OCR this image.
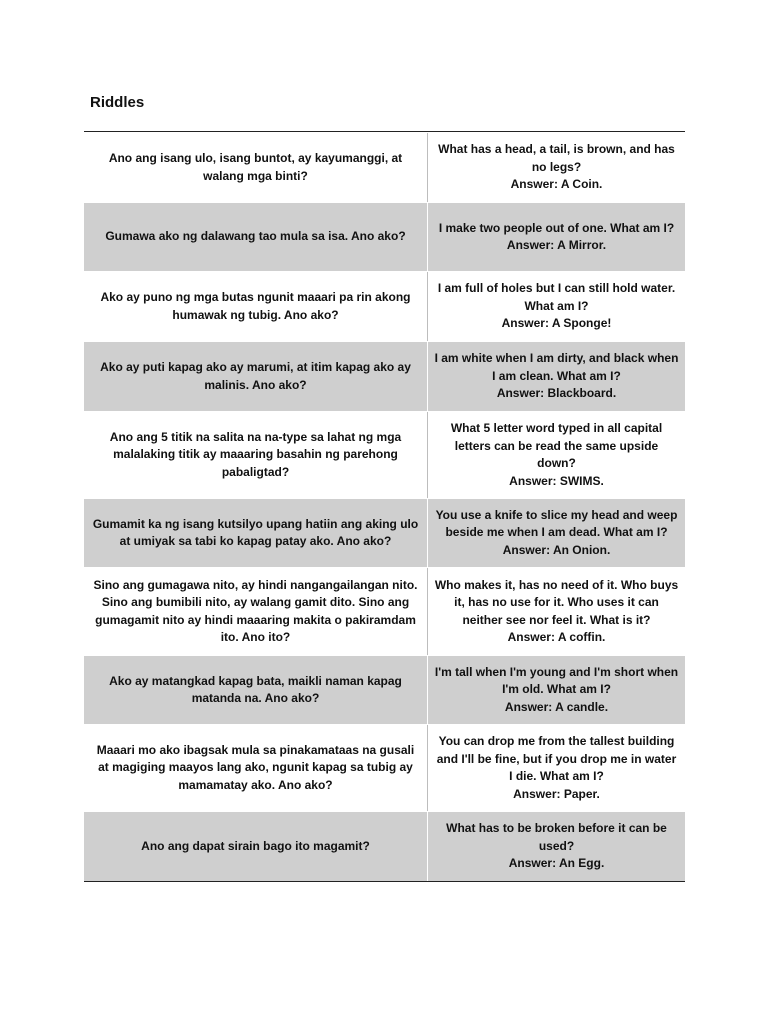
Riddles
Ano ang isang ulo, isang buntot, ay kayumanggi, at walang mga binti?
What has a head, a tail, is brown, and has no legs?
Answer: A Coin.
Gumawa ako ng dalawang tao mula sa isa. Ano ako?
I make two people out of one. What am I?
Answer: A Mirror.
Ako ay puno ng mga butas ngunit maaari pa rin akong humawak ng tubig. Ano ako?
I am full of holes but I can still hold water. What am I?
Answer: A Sponge!
Ako ay puti kapag ako ay marumi, at itim kapag ako ay malinis. Ano ako?
I am white when I am dirty, and black when I am clean. What am I?
Answer: Blackboard.
Ano ang 5 titik na salita na na-type sa lahat ng mga malalaking titik ay maaaring basahin ng parehong pabaligtad?
What 5 letter word typed in all capital letters can be read the same upside down?
Answer: SWIMS.
Gumamit ka ng isang kutsilyo upang hatiin ang aking ulo at umiyak sa tabi ko kapag patay ako. Ano ako?
You use a knife to slice my head and weep beside me when I am dead. What am I?
Answer: An Onion.
Sino ang gumagawa nito, ay hindi nangangailangan nito. Sino ang bumibili nito, ay walang gamit dito. Sino ang gumagamit nito ay hindi maaaring makita o pakiramdam ito. Ano ito?
Who makes it, has no need of it. Who buys it, has no use for it. Who uses it can neither see nor feel it. What is it?
Answer: A coffin.
Ako ay matangkad kapag bata, maikli naman kapag matanda na. Ano ako?
I'm tall when I'm young and I'm short when I'm old. What am I?
Answer: A candle.
Maaari mo ako ibagsak mula sa pinakamataas na gusali at magiging maayos lang ako, ngunit kapag sa tubig ay mamamatay ako. Ano ako?
You can drop me from the tallest building and I'll be fine, but if you drop me in water I die. What am I?
Answer: Paper.
Ano ang dapat sirain bago ito magamit?
What has to be broken before it can be used?
Answer: An Egg.
